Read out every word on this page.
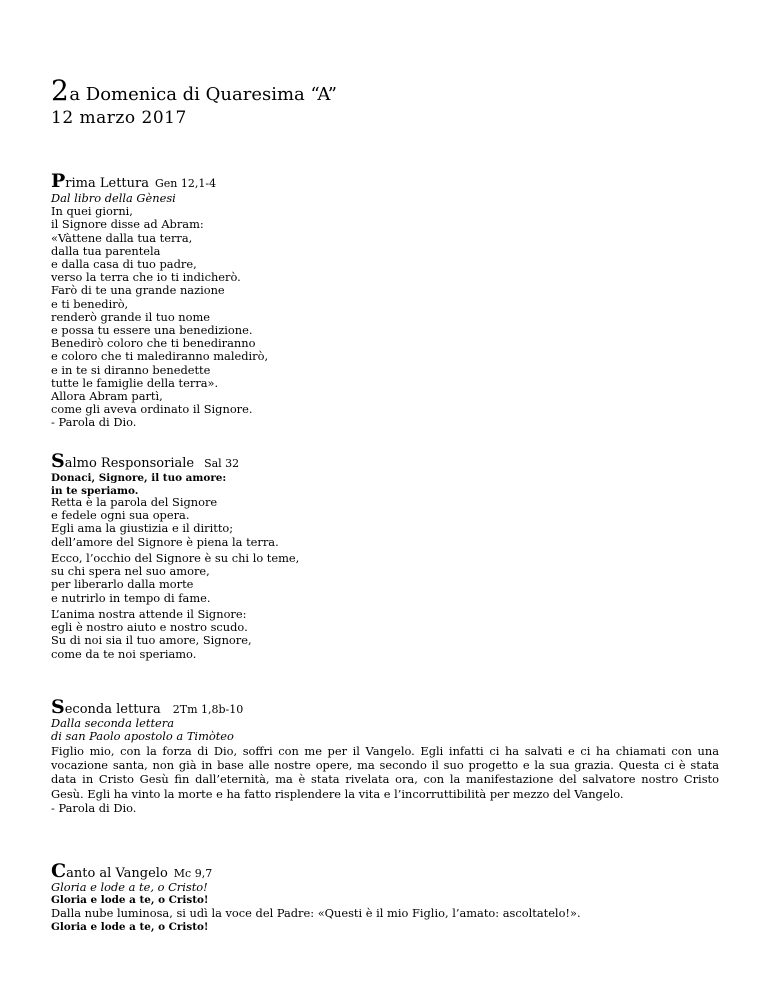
2a Domenica di Quaresima “A”
12 marzo 2017
Prima Lettura Gen 12,1-4
Dal libro della Gènesi
In quei giorni,
il Signore disse ad Abram:
«Vàttene dalla tua terra,
dalla tua parentela
e dalla casa di tuo padre,
verso la terra che io ti indicherò.
Farò di te una grande nazione
e ti benedirò,
renderò grande il tuo nome
e possa tu essere una benedizione.
Benedirò coloro che ti benediranno
e coloro che ti malediranno maledirò,
e in te si diranno benedette
tutte le famiglie della terra».
Allora Abram partì,
come gli aveva ordinato il Signore.
- Parola di Dio.
Salmo Responsoriale Sal 32
Donaci, Signore, il tuo amore:
in te speriamo.
Retta è la parola del Signore
e fedele ogni sua opera.
Egli ama la giustizia e il diritto;
dell’amore del Signore è piena la terra.
Ecco, l’occhio del Signore è su chi lo teme,
su chi spera nel suo amore,
per liberarlo dalla morte
e nutrirlo in tempo di fame.
L’anima nostra attende il Signore:
egli è nostro aiuto e nostro scudo.
Su di noi sia il tuo amore, Signore,
come da te noi speriamo.
Seconda lettura 2Tm 1,8b-10
Dalla seconda lettera
di san Paolo apostolo a Timòteo
Figlio mio, con la forza di Dio, soffri con me per il Vangelo. Egli infatti ci ha salvati e ci ha chiamati con una vocazione santa, non già in base alle nostre opere, ma secondo il suo progetto e la sua grazia. Questa ci è stata data in Cristo Gesù fin dall’eternità, ma è stata rivelata ora, con la manifestazione del salvatore nostro Cristo Gesù. Egli ha vinto la morte e ha fatto risplendere la vita e l’incorruttibilità per mezzo del Vangelo.
- Parola di Dio.
Canto al Vangelo Mc 9,7
Gloria e lode a te, o Cristo!
Gloria e lode a te, o Cristo!
Dalla nube luminosa, si udì la voce del Padre: «Questi è il mio Figlio, l’amato: ascoltatelo!».
Gloria e lode a te, o Cristo!
